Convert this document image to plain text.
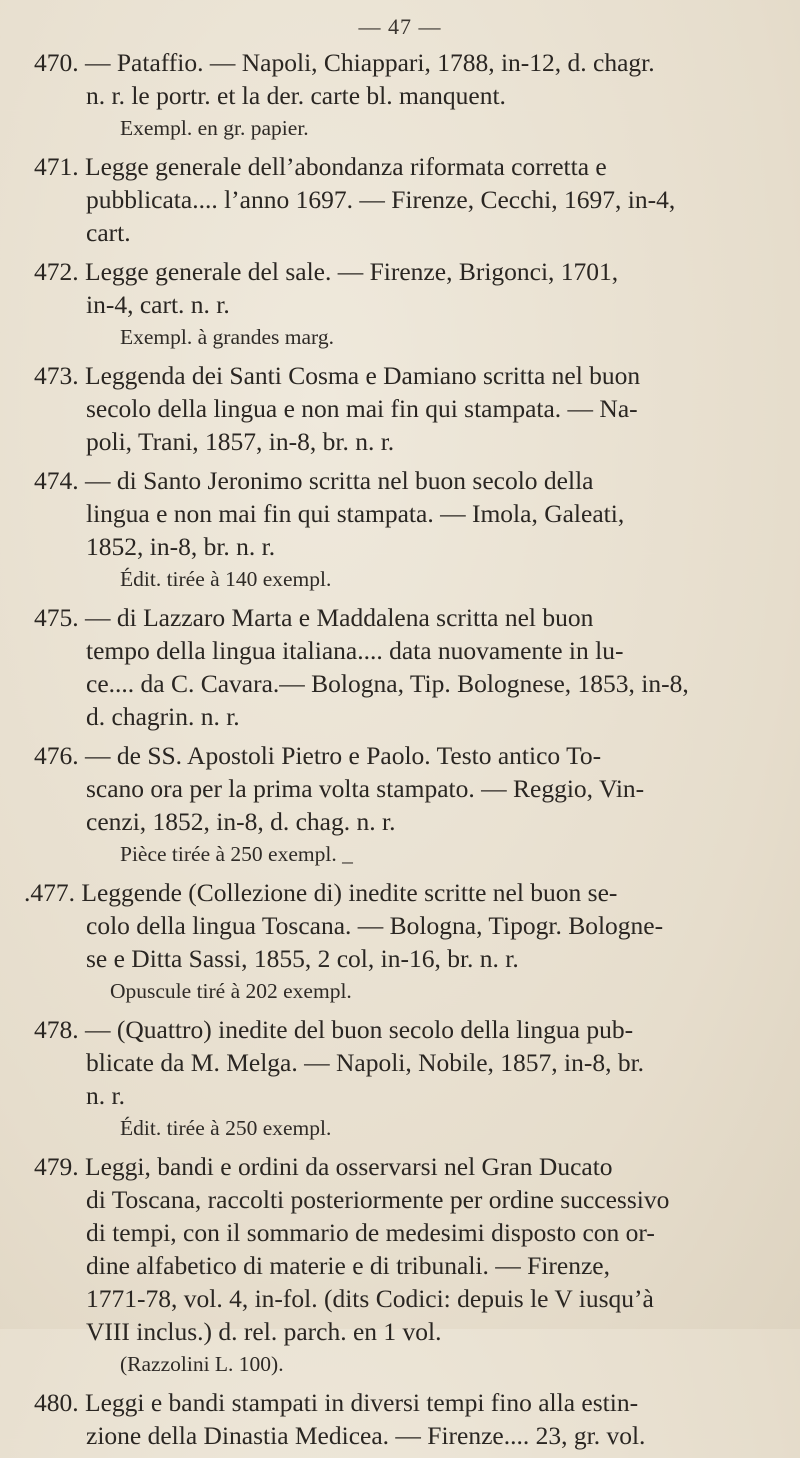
— 47 —
470. — Pataffio. — Napoli, Chiappari, 1788, in-12, d. chagr.
n. r. le portr. et la der. carte bl. manquent.
Exempl. en gr. papier.
471. Legge generale dell’abondanza riformata corretta e
pubblicata.... l’anno 1697. — Firenze, Cecchi, 1697, in-4,
cart.
472. Legge generale del sale. — Firenze, Brigonci, 1701,
in-4, cart. n. r.
Exempl. à grandes marg.
473. Leggenda dei Santi Cosma e Damiano scritta nel buon
secolo della lingua e non mai fin qui stampata. — Na-
poli, Trani, 1857, in-8, br. n. r.
474. — di Santo Jeronimo scritta nel buon secolo della
lingua e non mai fin qui stampata. — Imola, Galeati,
1852, in-8, br. n. r.
Édit. tirée à 140 exempl.
475. — di Lazzaro Marta e Maddalena scritta nel buon
tempo della lingua italiana.... data nuovamente in lu-
ce.... da C. Cavara.— Bologna, Tip. Bolognese, 1853, in-8,
d. chagrin. n. r.
476. — de SS. Apostoli Pietro e Paolo. Testo antico To-
scano ora per la prima volta stampato. — Reggio, Vin-
cenzi, 1852, in-8, d. chag. n. r.
Pièce tirée à 250 exempl. _
.477. Leggende (Collezione di) inedite scritte nel buon se-
colo della lingua Toscana. — Bologna, Tipogr. Bologne-
se e Ditta Sassi, 1855, 2 col, in-16, br. n. r.
Opuscule tiré à 202 exempl.
478. — (Quattro) inedite del buon secolo della lingua pub-
blicate da M. Melga. — Napoli, Nobile, 1857, in-8, br.
n. r.
Édit. tirée à 250 exempl.
479. Leggi, bandi e ordini da osservarsi nel Gran Ducato
di Toscana, raccolti posteriormente per ordine successivo
di tempi, con il sommario de medesimi disposto con or-
dine alfabetico di materie e di tribunali. — Firenze,
1771-78, vol. 4, in-fol. (dits Codici: depuis le V iusqu’à
VIII inclus.) d. rel. parch. en 1 vol.
(Razzolini L. 100).
480. Leggi e bandi stampati in diversi tempi fino alla estin-
zione della Dinastia Medicea. — Firenze.... 23, gr. vol.
